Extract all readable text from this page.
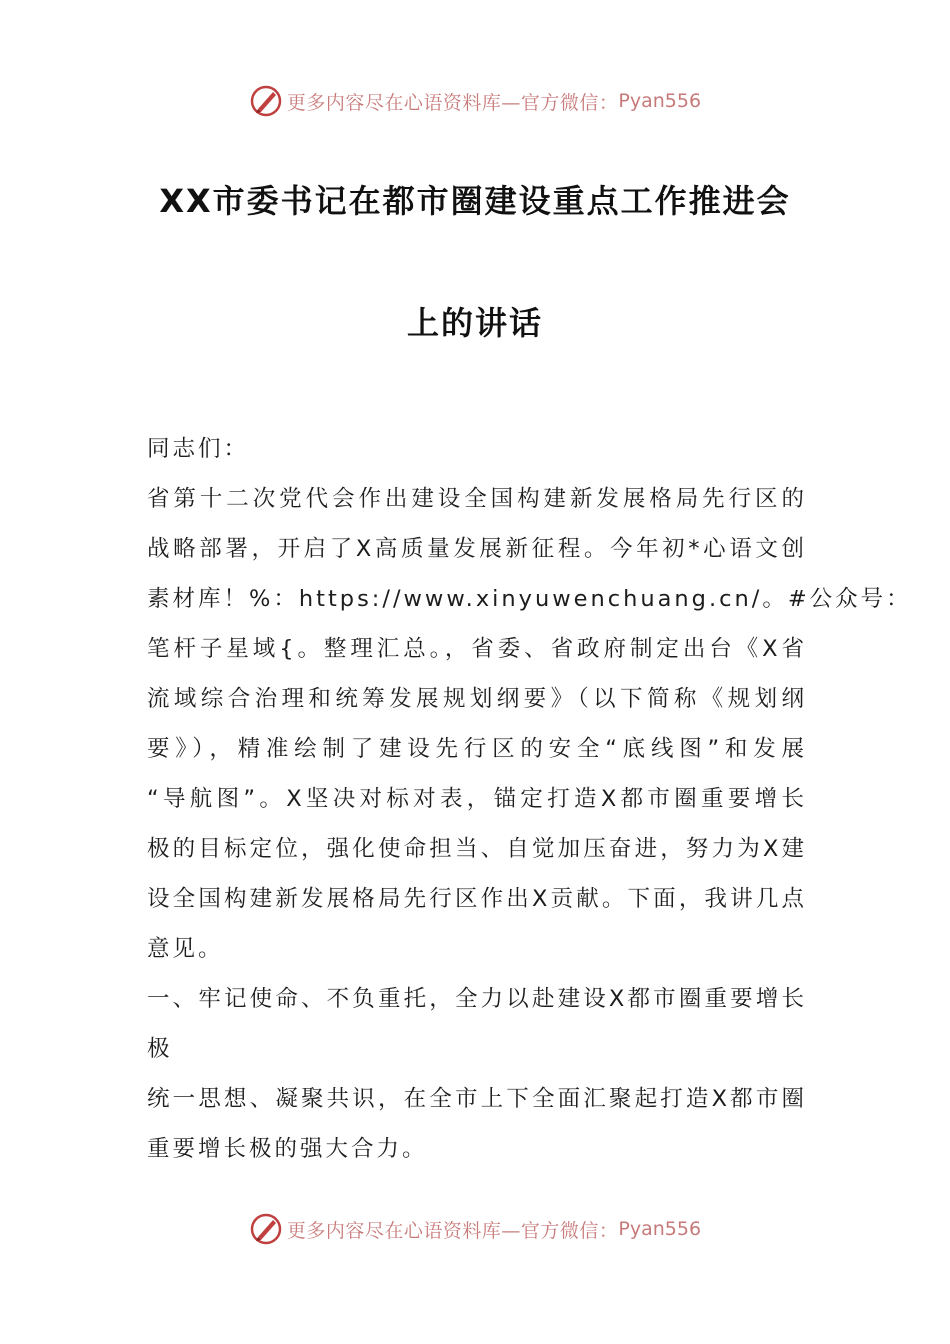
更多内容尽在心语资料库—官方微信： Pyan556
XX市委书记在都市圈建设重点工作推进会
上的讲话
同志们：
省第十二次党代会作出建设全国构建新发展格局先行区的
战略部署，开启了X高质量发展新征程。今年初*心语文创
素材库！%：https://www.xinyuwenchuang.cn/。#公众号：
笔杆子星域{。整理汇总。，省委、省政府制定出台《X省
流域综合治理和统筹发展规划纲要》（以下简称《规划纲
要》），精准绘制了建设先行区的安全“底线图”和发展
“导航图”。X坚决对标对表，锚定打造X都市圈重要增长
极的目标定位，强化使命担当、自觉加压奋进，努力为X建
设全国构建新发展格局先行区作出X贡献。下面，我讲几点
意见。
一、牢记使命、不负重托，全力以赴建设X都市圈重要增长
极
统一思想、凝聚共识，在全市上下全面汇聚起打造X都市圈
重要增长极的强大合力。
更多内容尽在心语资料库—官方微信： Pyan556
